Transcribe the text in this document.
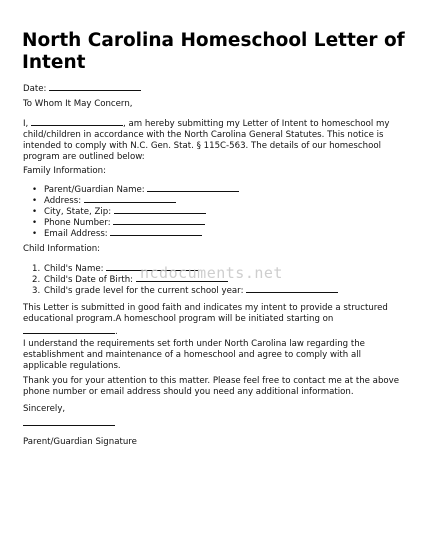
North Carolina Homeschool Letter of Intent
Date:
To Whom It May Concern,
I,	, am hereby submitting my Letter of Intent to homeschool my child/children in accordance with the North Carolina General Statutes. This notice is intended to comply with N.C. Gen. Stat. § 115C-563. The details of our homeschool program are outlined below:
Family Information:
• Parent/Guardian Name:
• Address:
• City, State, Zip:
• Phone Number:
• Email Address:
Child Information:
1. Child's Name:
2. Child's Date of Birth:
3. Child's grade level for the current school year:
ncdocuments.net
This Letter is submitted in good faith and indicates my intent to provide a structured educational program.A homeschool program will be initiated starting on .
I understand the requirements set forth under North Carolina law regarding the establishment and maintenance of a homeschool and agree to comply with all applicable regulations.
Thank you for your attention to this matter. Please feel free to contact me at the above phone number or email address should you need any additional information.
Sincerely,
Parent/Guardian Signature
